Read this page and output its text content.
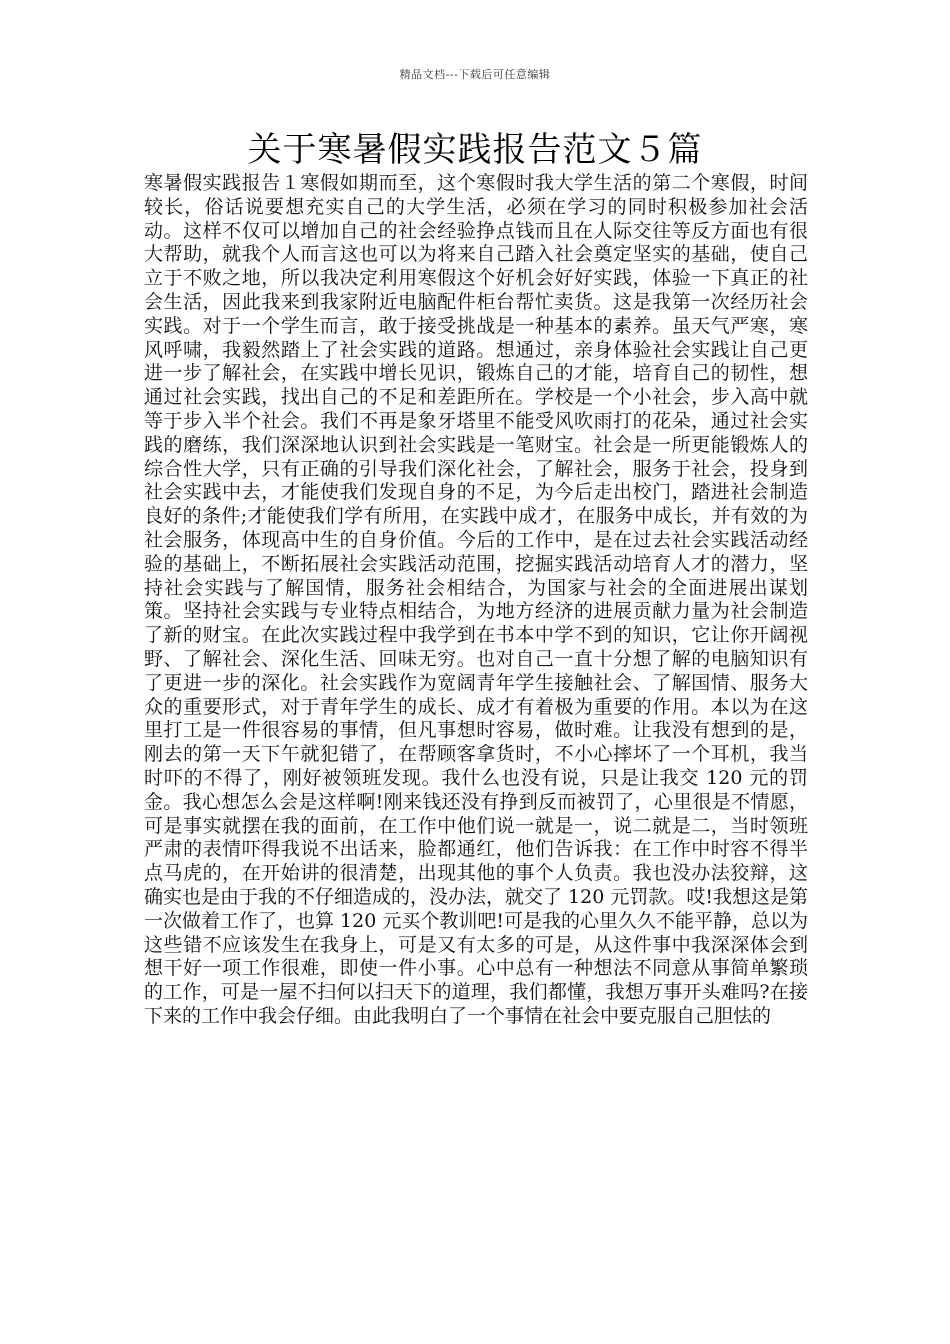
精品文档---下载后可任意编辑
关于寒暑假实践报告范文５篇

寒暑假实践报告１寒假如期而至，这个寒假时我大学生活的第二个寒假，时间较长，俗话说要想充实自己的大学生活，必须在学习的同时积极参加社会活动。这样不仅可以增加自己的社会经验挣点钱而且在人际交往等反方面也有很大帮助，就我个人而言这也可以为将来自己踏入社会奠定坚实的基础，使自己立于不败之地，所以我决定利用寒假这个好机会好好实践，体验一下真正的社会生活，因此我来到我家附近电脑配件柜台帮忙卖货。这是我第一次经历社会实践。对于一个学生而言，敢于接受挑战是一种基本的素养。虽天气严寒，寒风呼啸，我毅然踏上了社会实践的道路。想通过，亲身体验社会实践让自己更进一步了解社会，在实践中增长见识，锻炼自己的才能，培育自己的韧性，想通过社会实践，找出自己的不足和差距所在。学校是一个小社会，步入高中就等于步入半个社会。我们不再是象牙塔里不能受风吹雨打的花朵，通过社会实践的磨练，我们深深地认识到社会实践是一笔财宝。社会是一所更能锻炼人的综合性大学，只有正确的引导我们深化社会，了解社会，服务于社会，投身到社会实践中去，才能使我们发现自身的不足，为今后走出校门，踏进社会制造良好的条件;才能使我们学有所用，在实践中成才，在服务中成长，并有效的为社会服务，体现高中生的自身价值。今后的工作中，是在过去社会实践活动经验的基础上，不断拓展社会实践活动范围，挖掘实践活动培育人才的潜力，坚持社会实践与了解国情，服务社会相结合，为国家与社会的全面进展出谋划策。坚持社会实践与专业特点相结合，为地方经济的进展贡献力量为社会制造了新的财宝。在此次实践过程中我学到在书本中学不到的知识，它让你开阔视野、了解社会、深化生活、回味无穷。也对自己一直十分想了解的电脑知识有了更进一步的深化。社会实践作为宽阔青年学生接触社会、了解国情、服务大众的重要形式，对于青年学生的成长、成才有着极为重要的作用。本以为在这里打工是一件很容易的事情，但凡事想时容易，做时难。让我没有想到的是，刚去的第一天下午就犯错了，在帮顾客拿货时，不小心摔坏了一个耳机，我当时吓的不得了，刚好被领班发现。我什么也没有说，只是让我交 120 元的罚金。我心想怎么会是这样啊!刚来钱还没有挣到反而被罚了，心里很是不情愿，可是事实就摆在我的面前，在工作中他们说一就是一，说二就是二，当时领班严肃的表情吓得我说不出话来，脸都通红，他们告诉我：在工作中时容不得半点马虎的，在开始讲的很清楚，出现其他的事个人负责。我也没办法狡辩，这确实也是由于我的不仔细造成的，没办法，就交了 120 元罚款。哎!我想这是第一次做着工作了，也算 120 元买个教训吧!可是我的心里久久不能平静，总以为这些错不应该发生在我身上，可是又有太多的可是，从这件事中我深深体会到想干好一项工作很难，即使一件小事。心中总有一种想法不同意从事简单繁琐的工作，可是一屋不扫何以扫天下的道理，我们都懂，我想万事开头难吗?在接下来的工作中我会仔细。由此我明白了一个事情在社会中要克服自己胆怯的
